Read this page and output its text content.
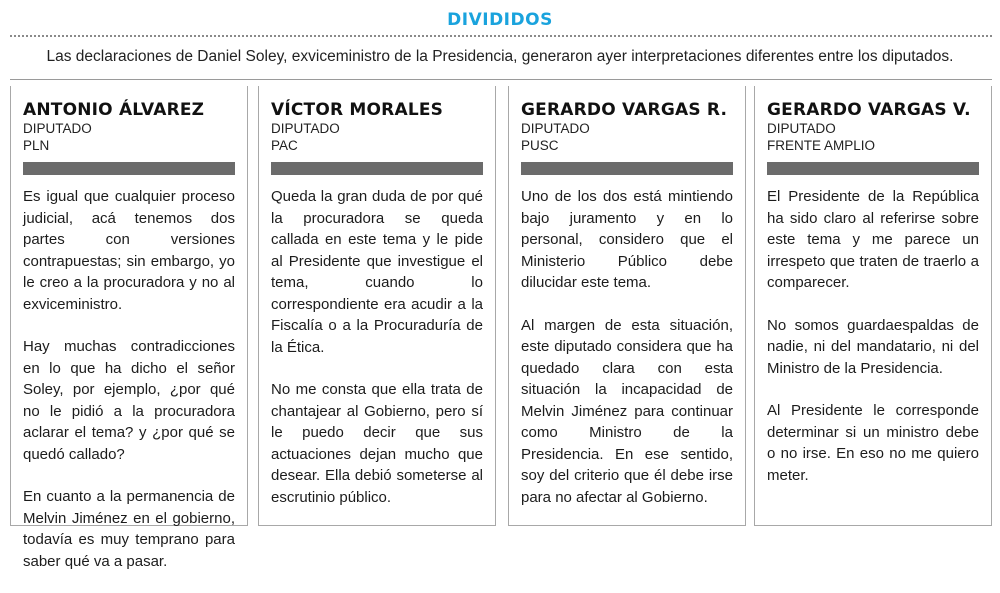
DIVIDIDOS
Las declaraciones de Daniel Soley, exviceministro de la Presidencia, generaron ayer interpretaciones diferentes entre los diputados.
ANTONIO ÁLVAREZ
DIPUTADO
PLN

Es igual que cualquier proceso judicial, acá tenemos dos partes con versiones contrapuestas; sin embargo, yo le creo a la procuradora y no al exviceministro.

Hay muchas contradicciones en lo que ha dicho el señor Soley, por ejemplo, ¿por qué no le pidió a la procuradora aclarar el tema? y ¿por qué se quedó callado?

En cuanto a la permanencia de Melvin Jiménez en el gobierno, todavía es muy temprano para saber qué va a pasar.

VÍCTOR MORALES
DIPUTADO
PAC

Queda la gran duda de por qué la procuradora se queda callada en este tema y le pide al Presidente que investigue el tema, cuando lo correspondiente era acudir a la Fiscalía o a la Procuraduría de la Ética.

No me consta que ella trata de chantajear al Gobierno, pero sí le puedo decir que sus actuaciones dejan mucho que desear. Ella debió someterse al escrutinio público.

GERARDO VARGAS R.
DIPUTADO
PUSC

Uno de los dos está mintiendo bajo juramento y en lo personal, considero que el Ministerio Público debe dilucidar este tema.

Al margen de esta situación, este diputado considera que ha quedado clara con esta situación la incapacidad de Melvin Jiménez para continuar como Ministro de la Presidencia. En ese sentido, soy del criterio que él debe irse para no afectar al Gobierno.

GERARDO VARGAS V.
DIPUTADO
FRENTE AMPLIO

El Presidente de la República ha sido claro al referirse sobre este tema y me parece un irrespeto que traten de traerlo a comparecer.

No somos guardaespaldas de nadie, ni del mandatario, ni del Ministro de la Presidencia.

Al Presidente le corresponde determinar si un ministro debe o no irse. En eso no me quiero meter.
